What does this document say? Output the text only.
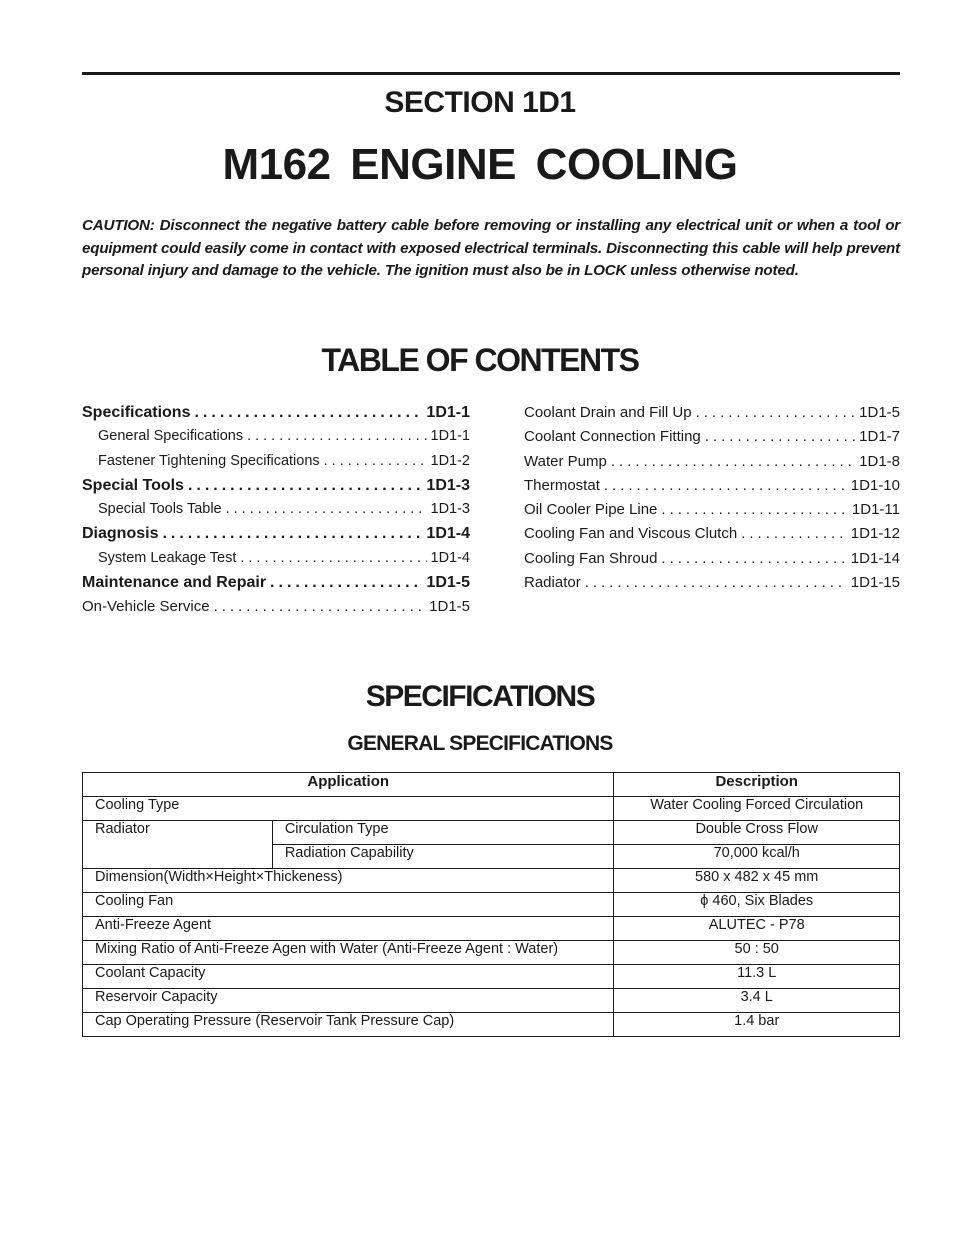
SECTION 1D1
M162 ENGINE COOLING
CAUTION: Disconnect the negative battery cable before removing or installing any electrical unit or when a tool or equipment could easily come in contact with exposed electrical terminals. Disconnecting this cable will help prevent personal injury and damage to the vehicle. The ignition must also be in LOCK unless otherwise noted.
TABLE OF CONTENTS
Specifications .....	1D1-1
General Specifications .....	1D1-1
Fastener Tightening Specifications .....	1D1-2
Special Tools .....	1D1-3
Special Tools Table .....	1D1-3
Diagnosis .....	1D1-4
System Leakage Test .....	1D1-4
Maintenance and Repair .....	1D1-5
On-Vehicle Service .....	1D1-5
Coolant Drain and Fill Up .....	1D1-5
Coolant Connection Fitting .....	1D1-7
Water Pump .....	1D1-8
Thermostat .....	1D1-10
Oil Cooler Pipe Line .....	1D1-11
Cooling Fan and Viscous Clutch .....	1D1-12
Cooling Fan Shroud .....	1D1-14
Radiator .....	1D1-15
SPECIFICATIONS
GENERAL SPECIFICATIONS
Application		Description
Cooling Type		Water Cooling Forced Circulation
Radiator	Circulation Type	Double Cross Flow
	Radiation Capability	70,000 kcal/h
Dimension(Width×Height×Thickeness)		580 x 482 x 45 mm
Cooling Fan		ϕ 460, Six Blades
Anti-Freeze Agent		ALUTEC - P78
Mixing Ratio of Anti-Freeze Agen with Water (Anti-Freeze Agent : Water)		50 : 50
Coolant Capacity		11.3 L
Reservoir Capacity		3.4 L
Cap Operating Pressure (Reservoir Tank Pressure Cap)		1.4 bar
